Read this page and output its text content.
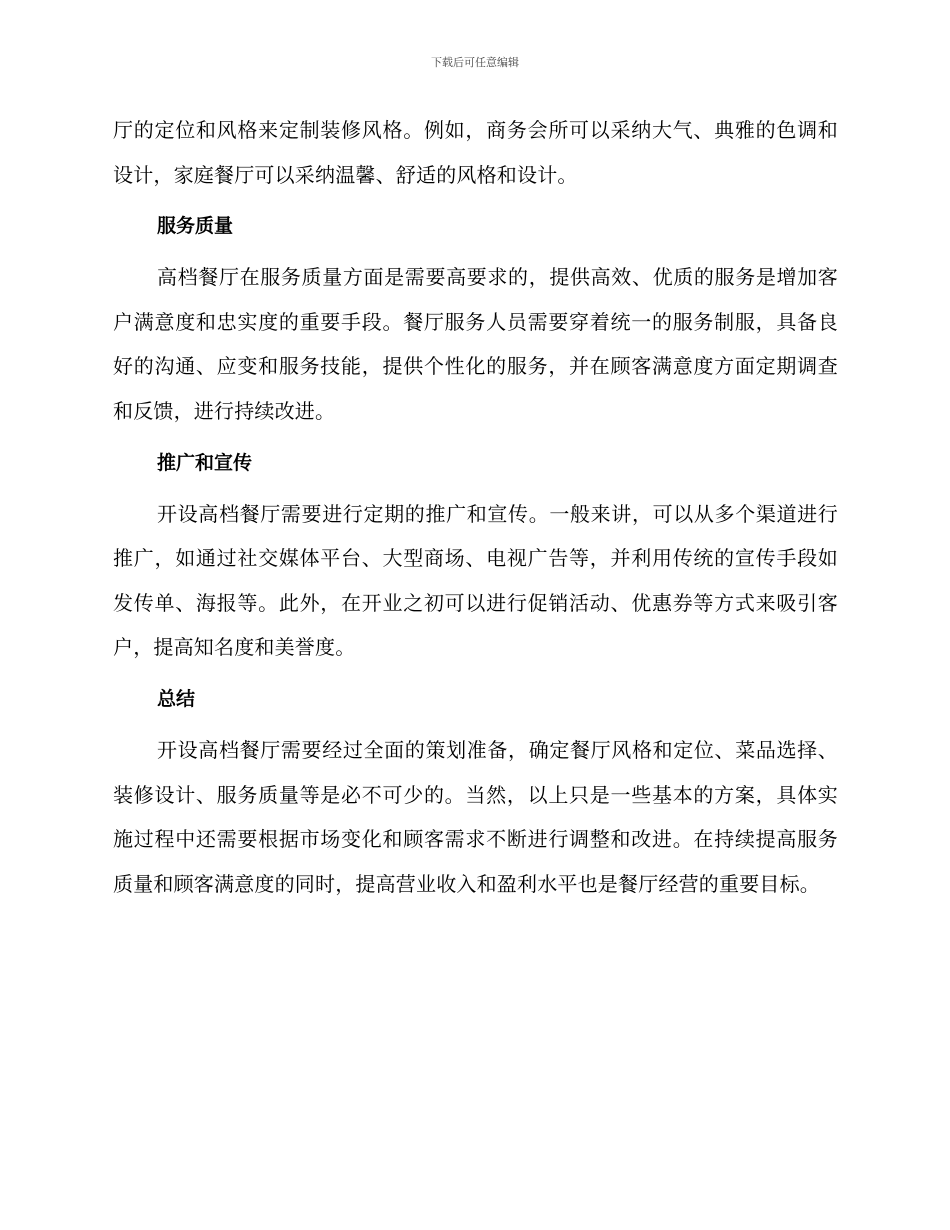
下载后可任意编辑

厅的定位和风格来定制装修风格。例如，商务会所可以采纳大气、典雅的色调和设计，家庭餐厅可以采纳温馨、舒适的风格和设计。

服务质量

高档餐厅在服务质量方面是需要高要求的，提供高效、优质的服务是增加客户满意度和忠实度的重要手段。餐厅服务人员需要穿着统一的服务制服，具备良好的沟通、应变和服务技能，提供个性化的服务，并在顾客满意度方面定期调查和反馈，进行持续改进。

推广和宣传

开设高档餐厅需要进行定期的推广和宣传。一般来讲，可以从多个渠道进行推广，如通过社交媒体平台、大型商场、电视广告等，并利用传统的宣传手段如发传单、海报等。此外，在开业之初可以进行促销活动、优惠券等方式来吸引客户，提高知名度和美誉度。

总结

开设高档餐厅需要经过全面的策划准备，确定餐厅风格和定位、菜品选择、装修设计、服务质量等是必不可少的。当然，以上只是一些基本的方案，具体实施过程中还需要根据市场变化和顾客需求不断进行调整和改进。在持续提高服务质量和顾客满意度的同时，提高营业收入和盈利水平也是餐厅经营的重要目标。
